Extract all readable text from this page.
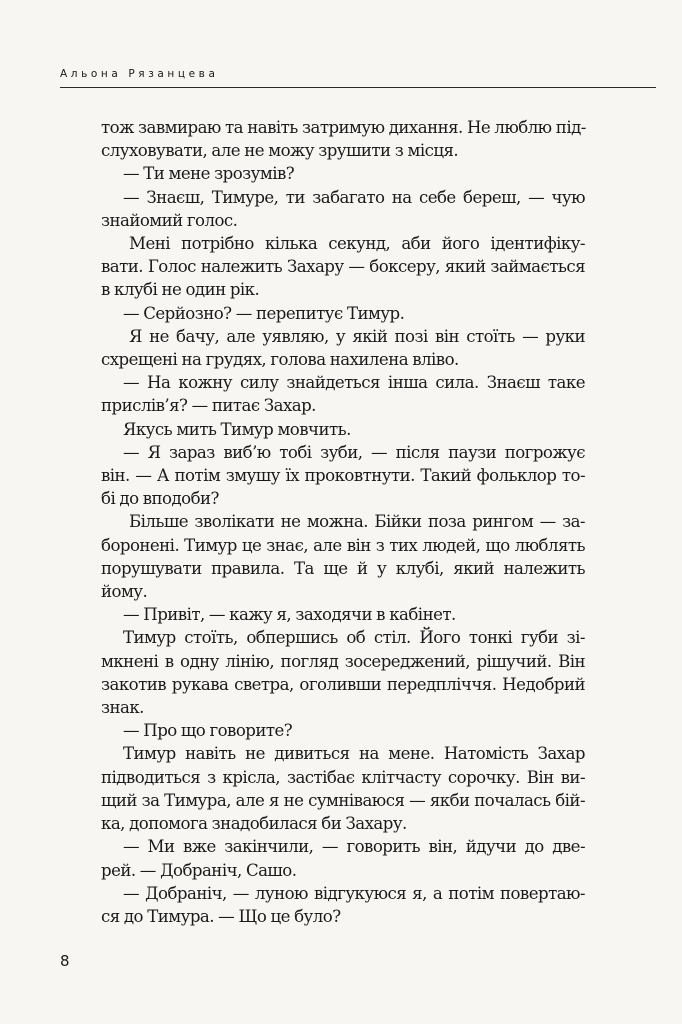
Альона Рязанцева
тож завмираю та навіть затримую дихання. Не люблю під-
слуховувати, але не можу зрушити з місця.
— Ти мене зрозумів?
— Знаєш, Тимуре, ти забагато на себе береш, — чую
знайомий голос.
Мені потрібно кілька секунд, аби його ідентифіку-
вати. Голос належить Захару — боксеру, який займається
в клубі не один рік.
— Серйозно? — перепитує Тимур.
Я не бачу, але уявляю, у якій позі він стоїть — руки
схрещені на грудях, голова нахилена вліво.
— На кожну силу знайдеться інша сила. Знаєш таке
прислів’я? — питає Захар.
Якусь мить Тимур мовчить.
— Я зараз виб’ю тобі зуби, — після паузи погрожує
він. — А потім змушу їх проковтнути. Такий фольклор то-
бі до вподоби?
Більше зволікати не можна. Бійки поза рингом — за-
боронені. Тимур це знає, але він з тих людей, що люблять
порушувати правила. Та ще й у клубі, який належить
йому.
— Привіт, — кажу я, заходячи в кабінет.
Тимур стоїть, обпершись об стіл. Його тонкі губи зі-
мкнені в одну лінію, погляд зосереджений, рішучий. Він
закотив рукава светра, оголивши передпліччя. Недобрий
знак.
— Про що говорите?
Тимур навіть не дивиться на мене. Натомість Захар
підводиться з крісла, застібає клітчасту сорочку. Він ви-
щий за Тимура, але я не сумніваюся — якби почалась бій-
ка, допомога знадобилася би Захару.
— Ми вже закінчили, — говорить він, йдучи до две-
рей. — Добраніч, Сашо.
— Добраніч, — луною відгукуюся я, а потім повертаю-
ся до Тимура. — Що це було?
8
